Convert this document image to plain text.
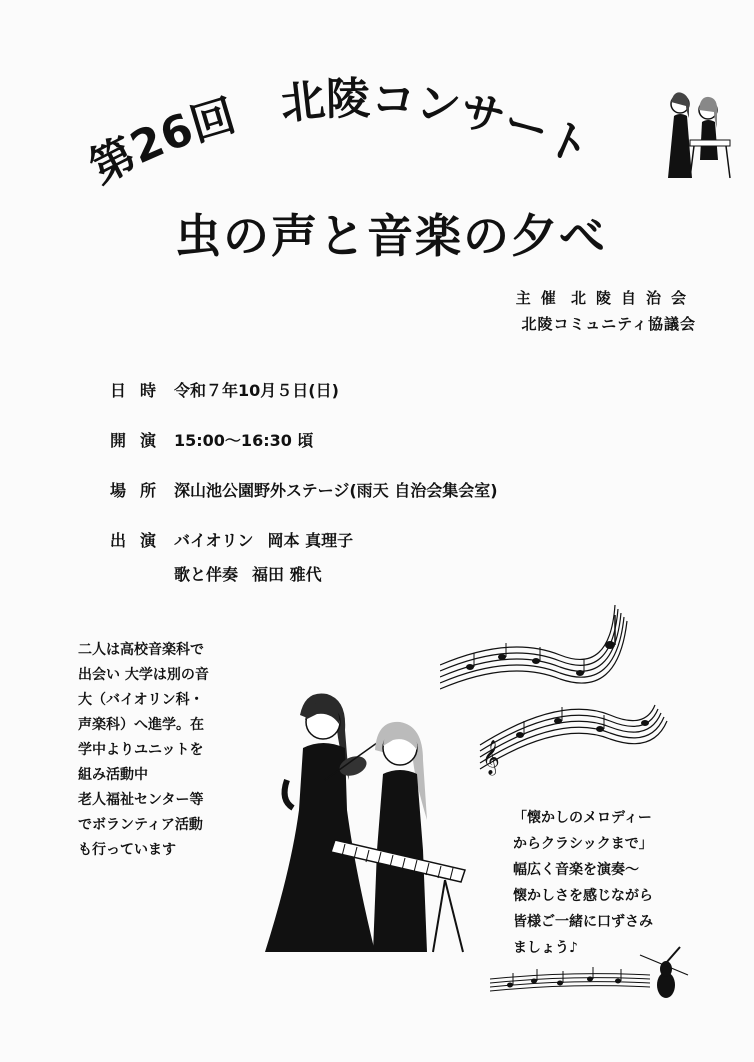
第26回 北陵コンサート
虫の声と音楽の夕べ
主催 北陵自治会
北陵コミュニティ協議会
日時 令和７年10月５日(日)
開演 15:00～16:30 頃
場所 深山池公園野外ステージ(雨天 自治会集会室)
出演 バイオリン 岡本 真理子
歌と伴奏 福田 雅代
𝄞
二人は高校音楽科で
出会い 大学は別の音
大（バイオリン科・
声楽科）へ進学。在
学中よりユニットを
組み活動中
老人福祉センター等
でボランティア活動
も行っています
「懐かしのメロディー
からクラシックまで」
幅広く音楽を演奏～
懐かしさを感じながら
皆様ご一緒に口ずさみ
ましょう♪
